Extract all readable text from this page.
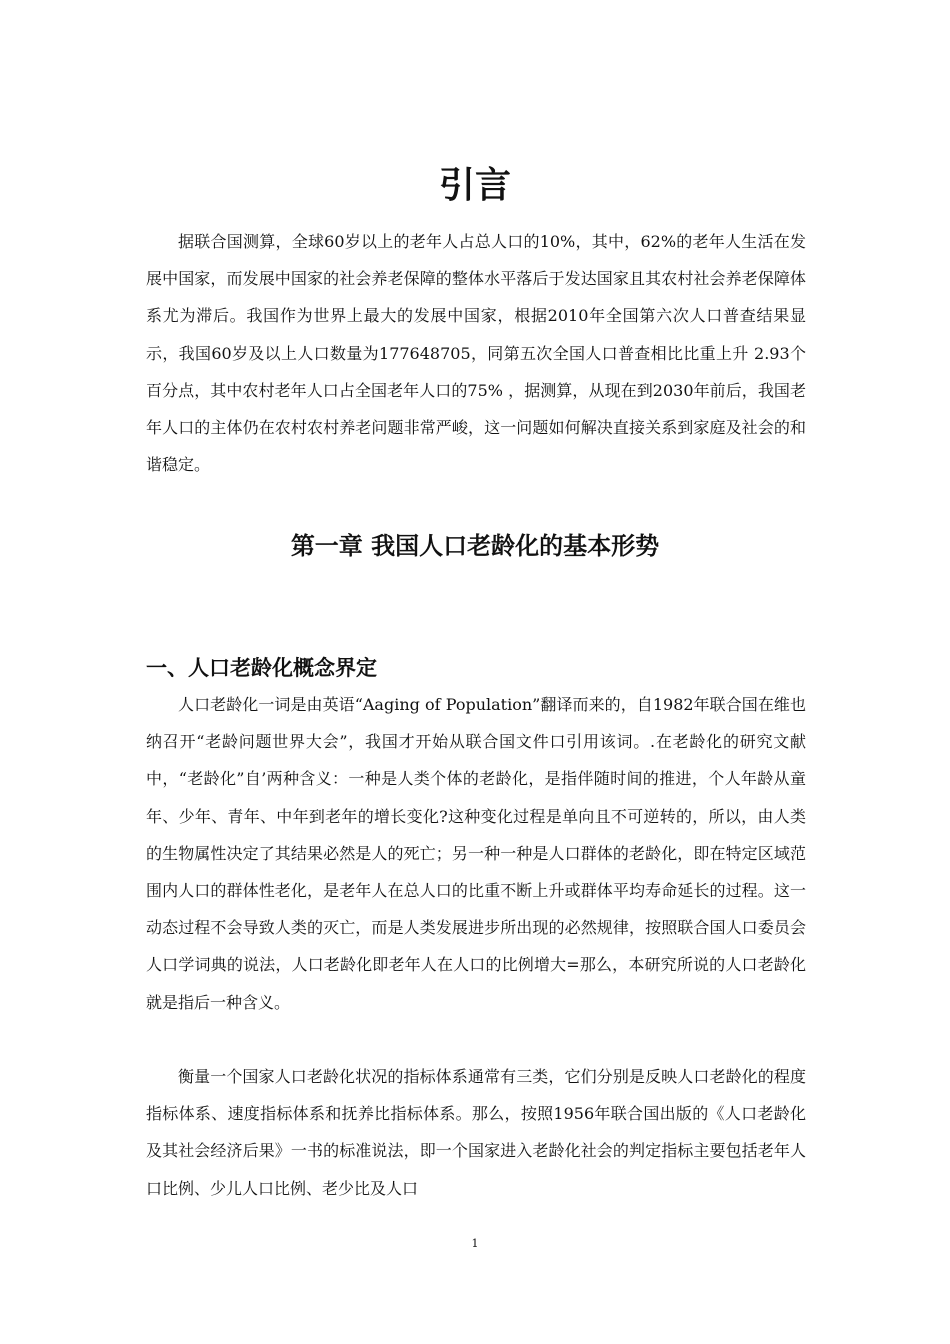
引言

据联合国测算，全球60岁以上的老年人占总人口的10%，其中，62%的老年人生活在发展中国家，而发展中国家的社会养老保障的整体水平落后于发达国家且其农村社会养老保障体系尤为滞后。我国作为世界上最大的发展中国家，根据2010年全国第六次人口普查结果显示，我国60岁及以上人口数量为177648705，同第五次全国人口普查相比比重上升 2.93个百分点，其中农村老年人口占全国老年人口的75% ，据测算，从现在到2030年前后，我国老年人口的主体仍在农村农村养老问题非常严峻，这一问题如何解决直接关系到家庭及社会的和谐稳定。

第一章 我国人口老龄化的基本形势
一、人口老龄化概念界定

人口老龄化一词是由英语“Aaging of Population”翻译而来的，自1982年联合国在维也纳召开“老龄问题世界大会”，我国才开始从联合国文件口引用该词。.在老龄化的研究文献中，“老龄化”自’两种含义：一种是人类个体的老龄化，是指伴随时间的推进，个人年龄从童年、少年、青年、中年到老年的增长变化?这种变化过程是单向且不可逆转的，所以，由人类的生物属性决定了其结果必然是人的死亡；另一种一种是人口群体的老龄化，即在特定区域范围内人口的群体性老化，是老年人在总人口的比重不断上升或群体平均寿命延长的过程。这一动态过程不会导致人类的灭亡，而是人类发展进步所出现的必然规律，按照联合国人口委员会人口学词典的说法，人口老龄化即老年人在人口的比例增大=那么，本研究所说的人口老龄化就是指后一种含义。

衡量一个国家人口老龄化状况的指标体系通常有三类，它们分别是反映人口老龄化的程度指标体系、速度指标体系和抚养比指标体系。那么，按照1956年联合国出版的《人口老龄化及其社会经济后果》一书的标准说法，即一个国家进入老龄化社会的判定指标主要包括老年人口比例、少儿人口比例、老少比及人口

1
